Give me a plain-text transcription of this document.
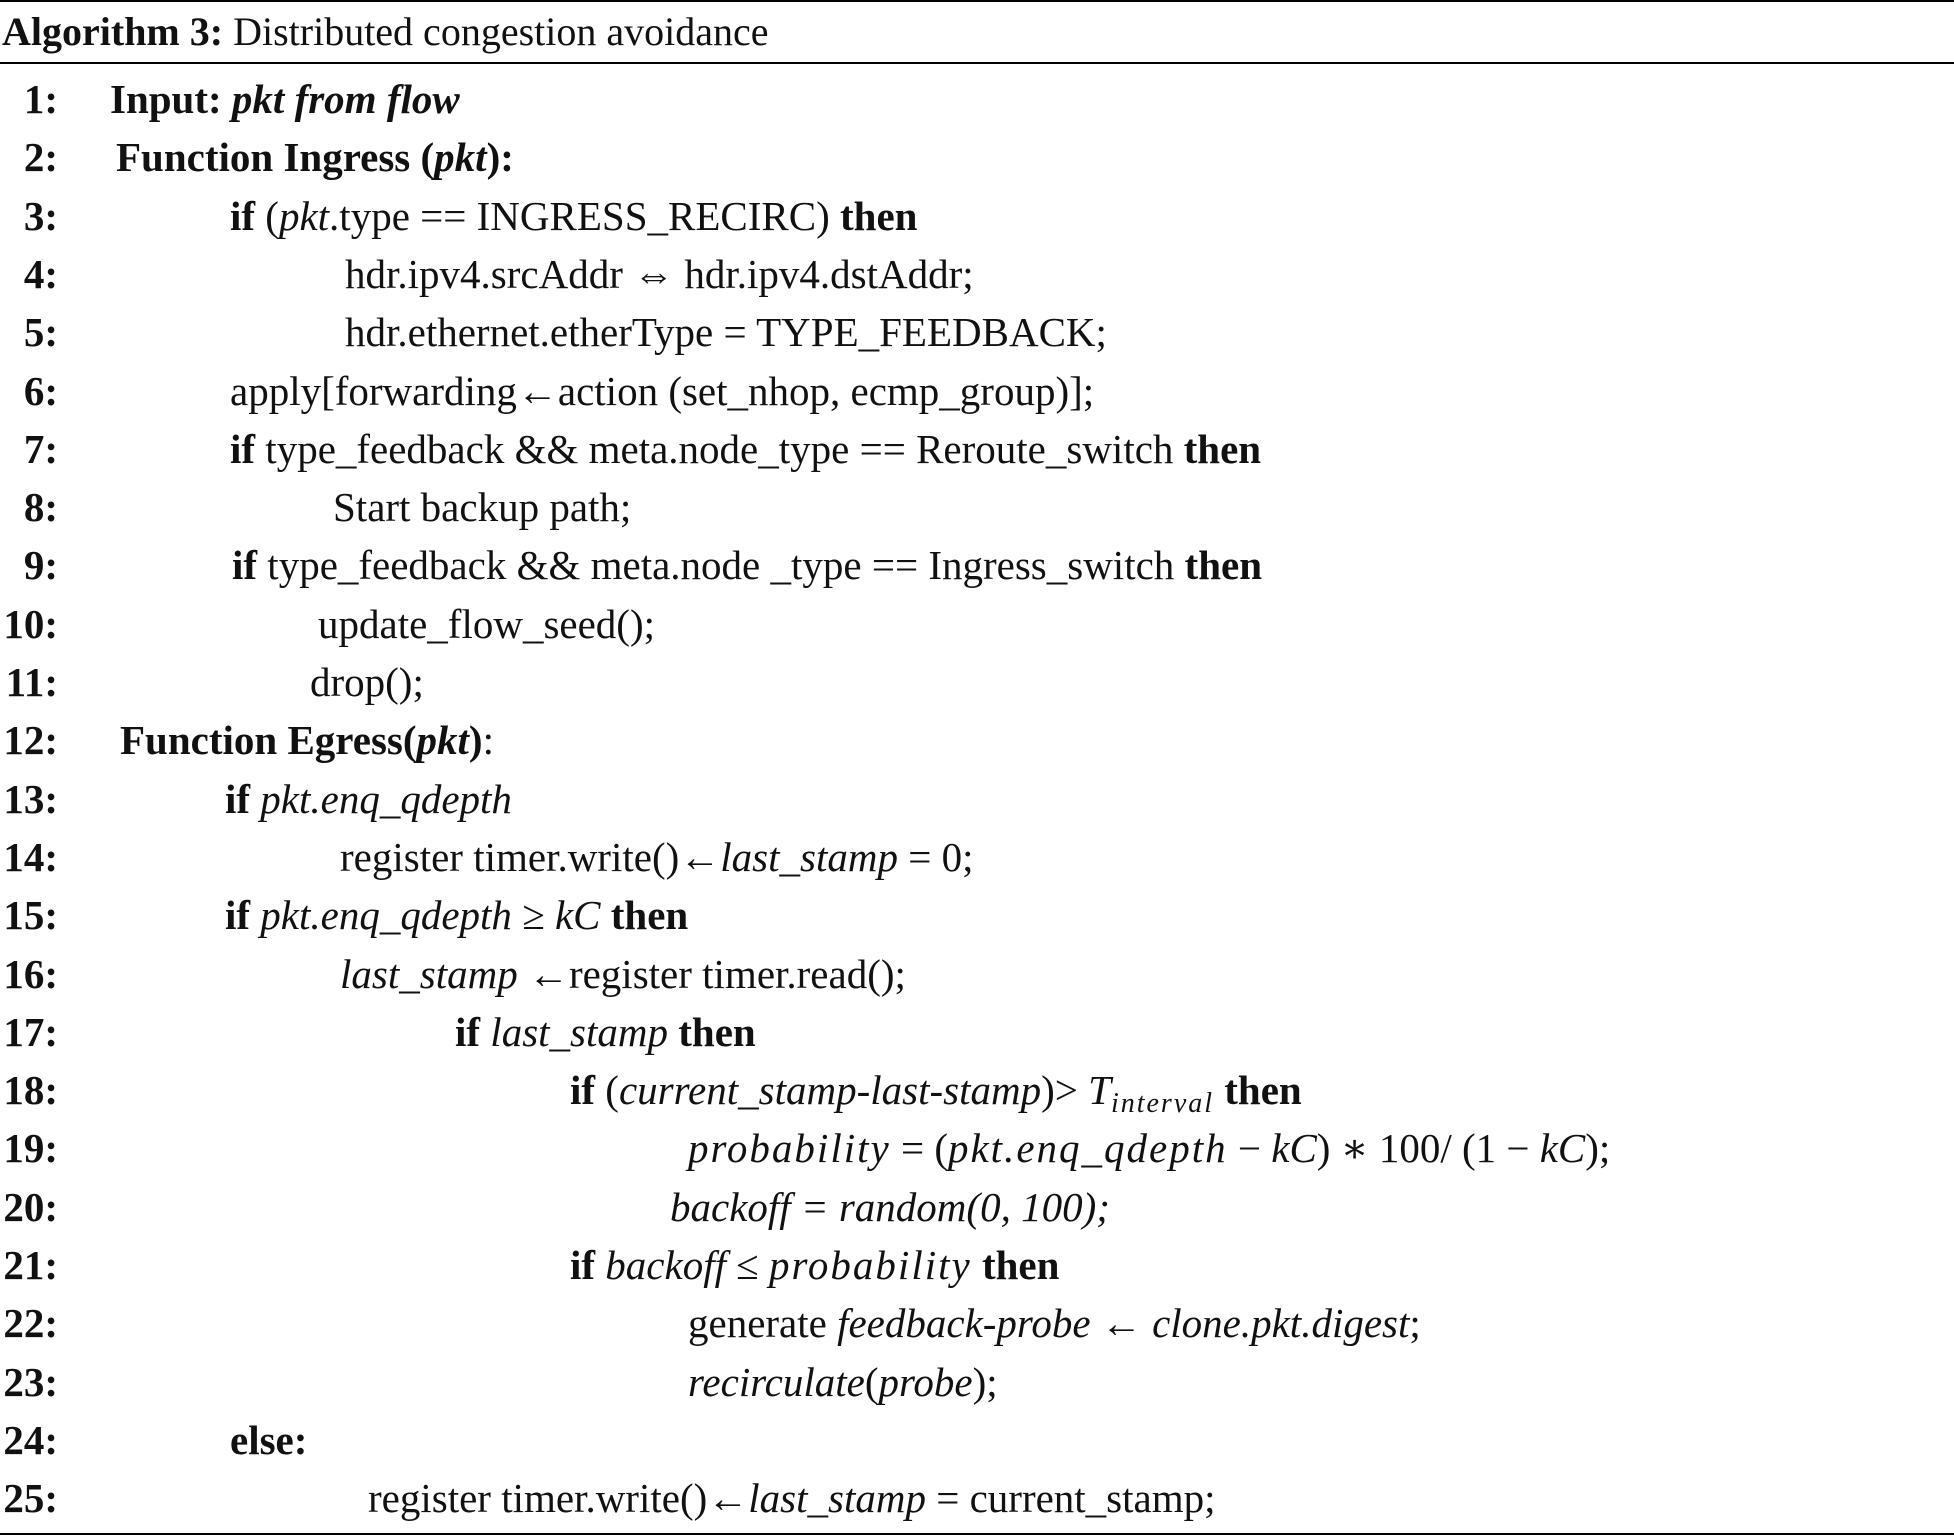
Algorithm 3: Distributed congestion avoidance
1: Input: pkt from flow
2: Function Ingress (pkt):
3:	if (pkt.type == INGRESS_RECIRC) then
4:	hdr.ipv4.srcAddr ⇔ hdr.ipv4.dstAddr;
5:	hdr.ethernet.etherType = TYPE_FEEDBACK;
6:	apply[forwarding←action (set_nhop, ecmp_group)];
7:	if type_feedback && meta.node_type == Reroute_switch then
8:	Start backup path;
9:	if type_feedback && meta.node _type == Ingress_switch then
10:	update_flow_seed();
11:	drop();
12: Function Egress(pkt):
13:	if pkt.enq_qdepth
14:	register timer.write()←last_stamp = 0;
15:	if pkt.enq_qdepth ≥ kC then
16:	last_stamp ←register timer.read();
17:	if last_stamp then
18:	if (current_stamp-last-stamp)> $T_{interval}$ then
19:	probability = (pkt.enq_qdepth − kC) ∗ 100/ (1 − kC);
20:	backoff = random(0, 100);
21:	if backoff ≤ probability then
22:	generate feedback-probe ← clone.pkt.digest;
23:	recirculate(probe);
24:	else:
25:	register timer.write()←last_stamp = current_stamp;
